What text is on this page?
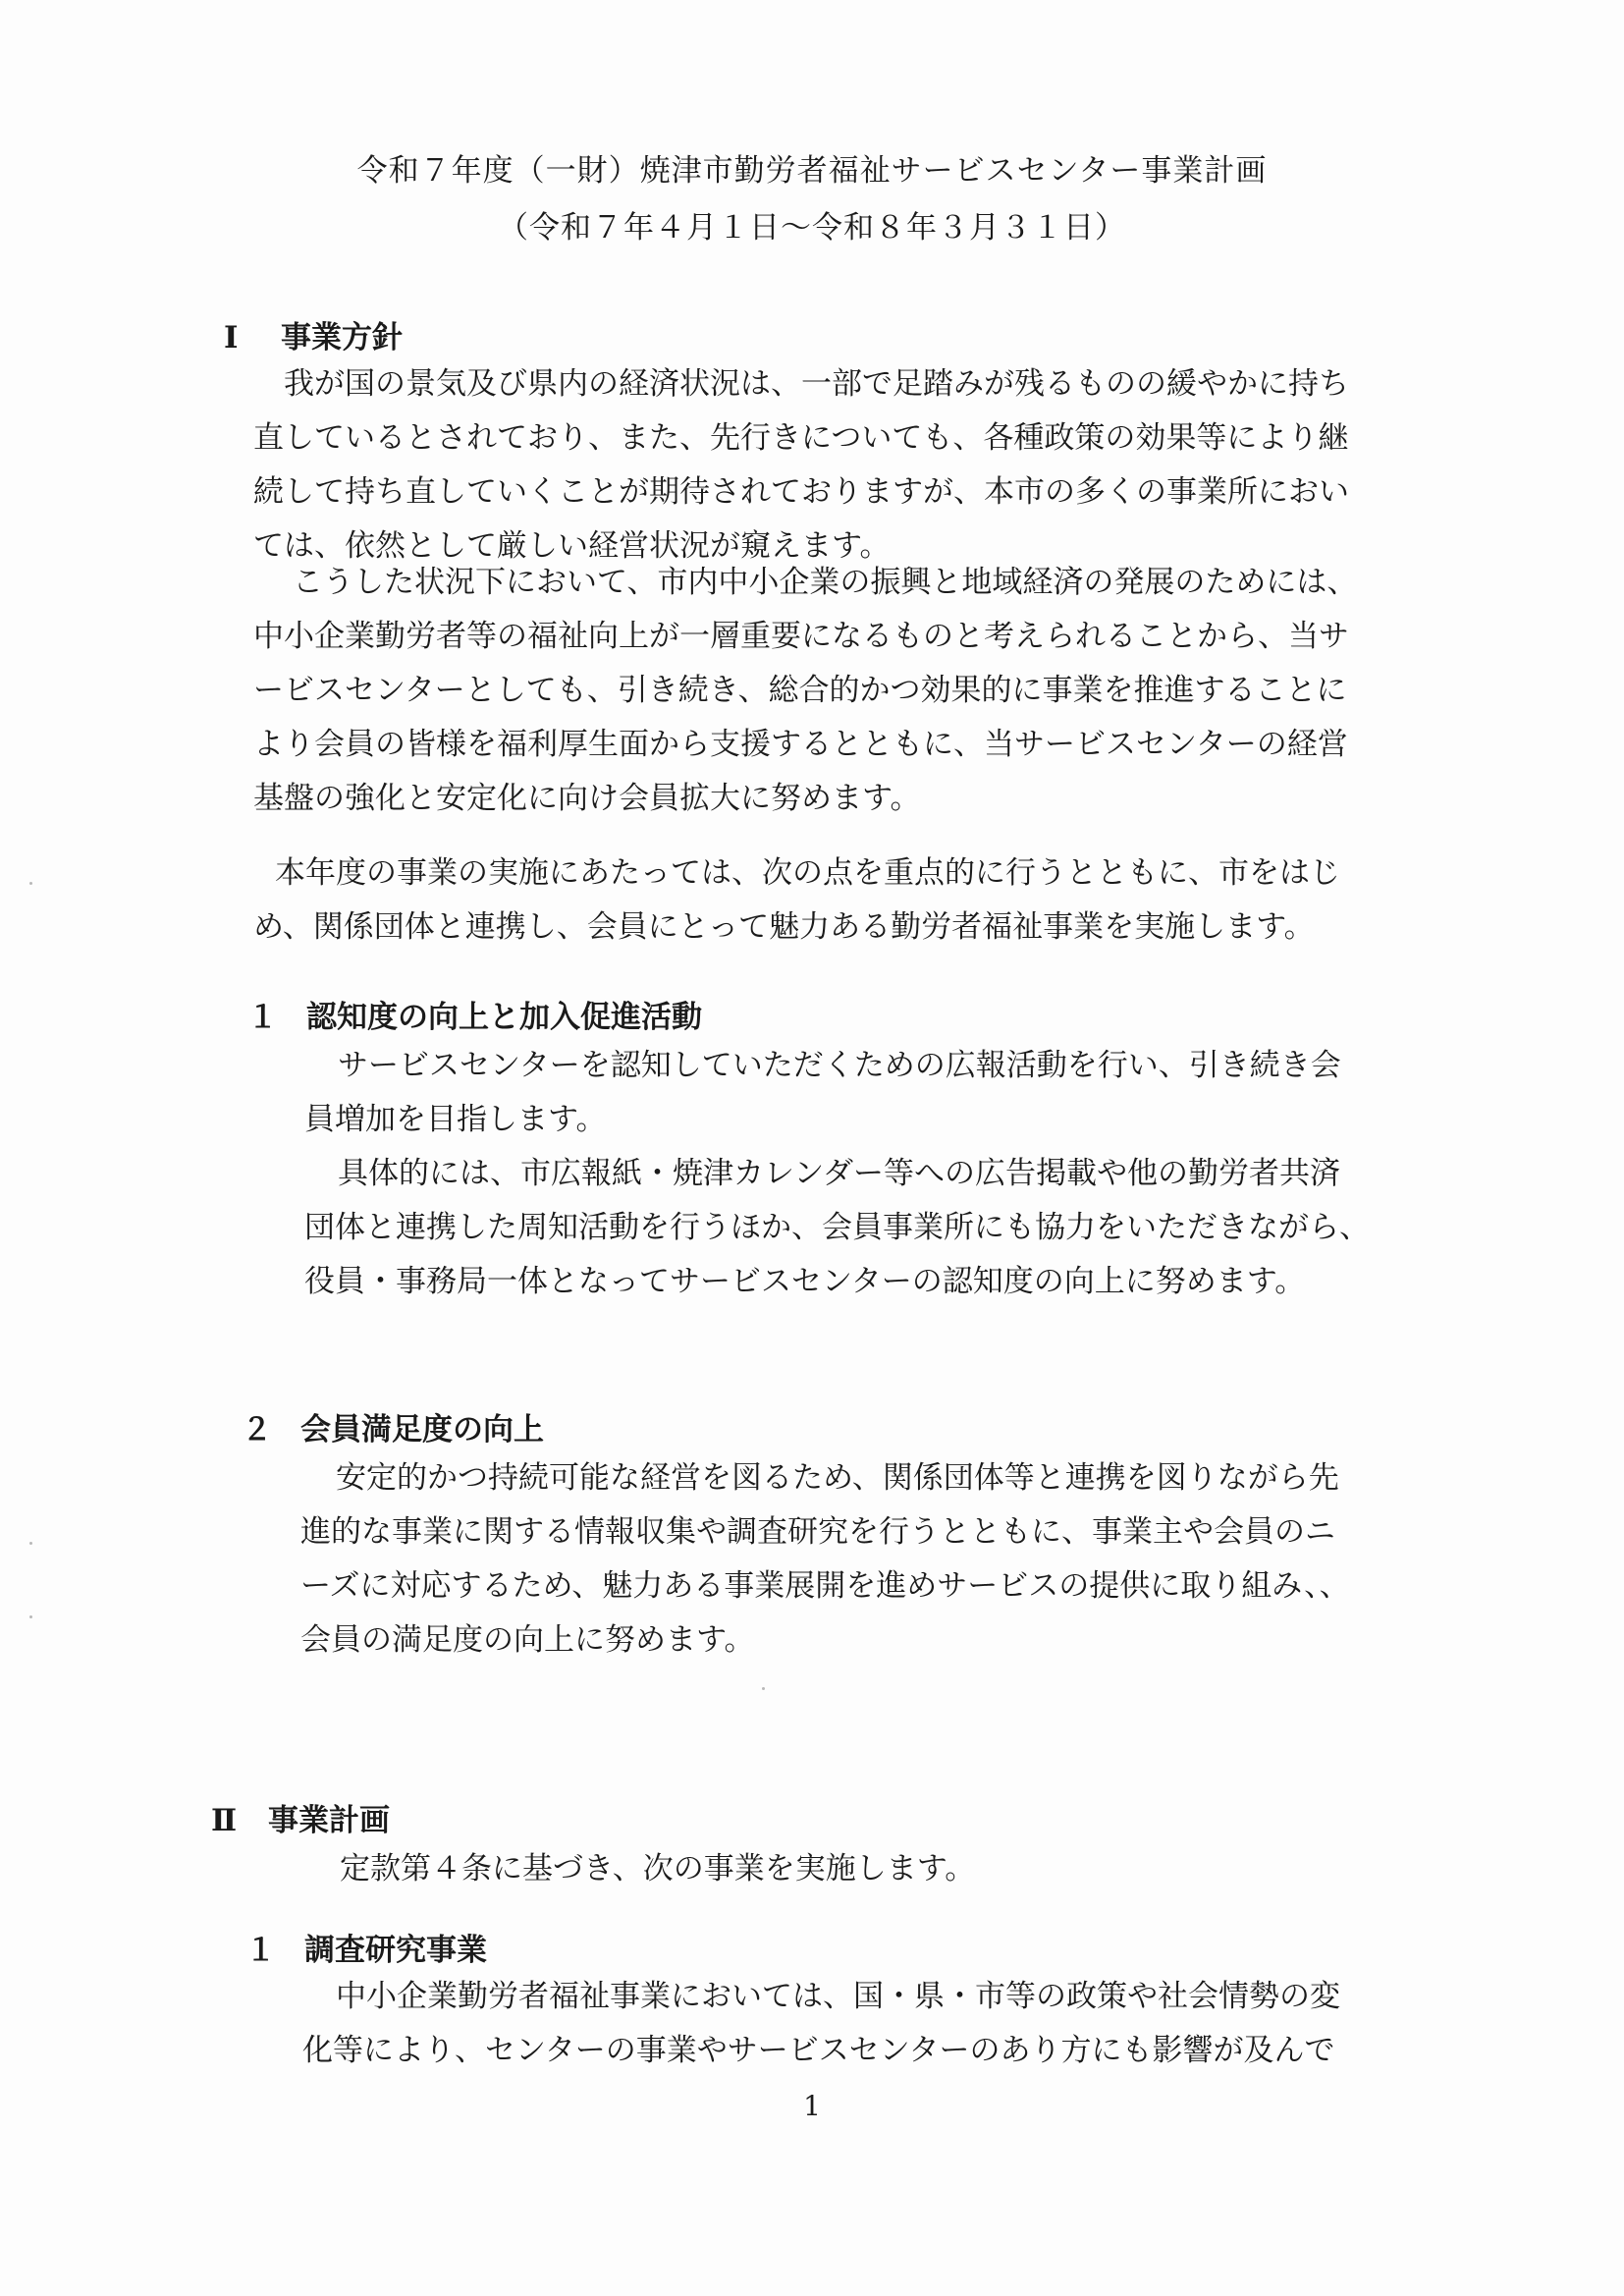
令和７年度（一財）焼津市勤労者福祉サービスセンター事業計画
（令和７年４月１日～令和８年３月３１日）
Ⅰ 事業方針
我が国の景気及び県内の経済状況は、一部で足踏みが残るものの緩やかに持ち
直しているとされており、また、先行きについても、各種政策の効果等により継
続して持ち直していくことが期待されておりますが、本市の多くの事業所におい
ては、依然として厳しい経営状況が窺えます。
こうした状況下において、市内中小企業の振興と地域経済の発展のためには、
中小企業勤労者等の福祉向上が一層重要になるものと考えられることから、当サ
ービスセンターとしても、引き続き、総合的かつ効果的に事業を推進することに
より会員の皆様を福利厚生面から支援するとともに、当サービスセンターの経営
基盤の強化と安定化に向け会員拡大に努めます。
本年度の事業の実施にあたっては、次の点を重点的に行うとともに、市をはじ
め、関係団体と連携し、会員にとって魅力ある勤労者福祉事業を実施します。
１ 認知度の向上と加入促進活動
サービスセンターを認知していただくための広報活動を行い、引き続き会
員増加を目指します。
具体的には、市広報紙・焼津カレンダー等への広告掲載や他の勤労者共済
団体と連携した周知活動を行うほか、会員事業所にも協力をいただきながら、
役員・事務局一体となってサービスセンターの認知度の向上に努めます。
２ 会員満足度の向上
安定的かつ持続可能な経営を図るため、関係団体等と連携を図りながら先
進的な事業に関する情報収集や調査研究を行うとともに、事業主や会員のニ
ーズに対応するため、魅力ある事業展開を進めサービスの提供に取り組み、、
会員の満足度の向上に努めます。
Ⅱ 事業計画
定款第４条に基づき、次の事業を実施します。
１ 調査研究事業
中小企業勤労者福祉事業においては、国・県・市等の政策や社会情勢の変
化等により、センターの事業やサービスセンターのあり方にも影響が及んで
1
